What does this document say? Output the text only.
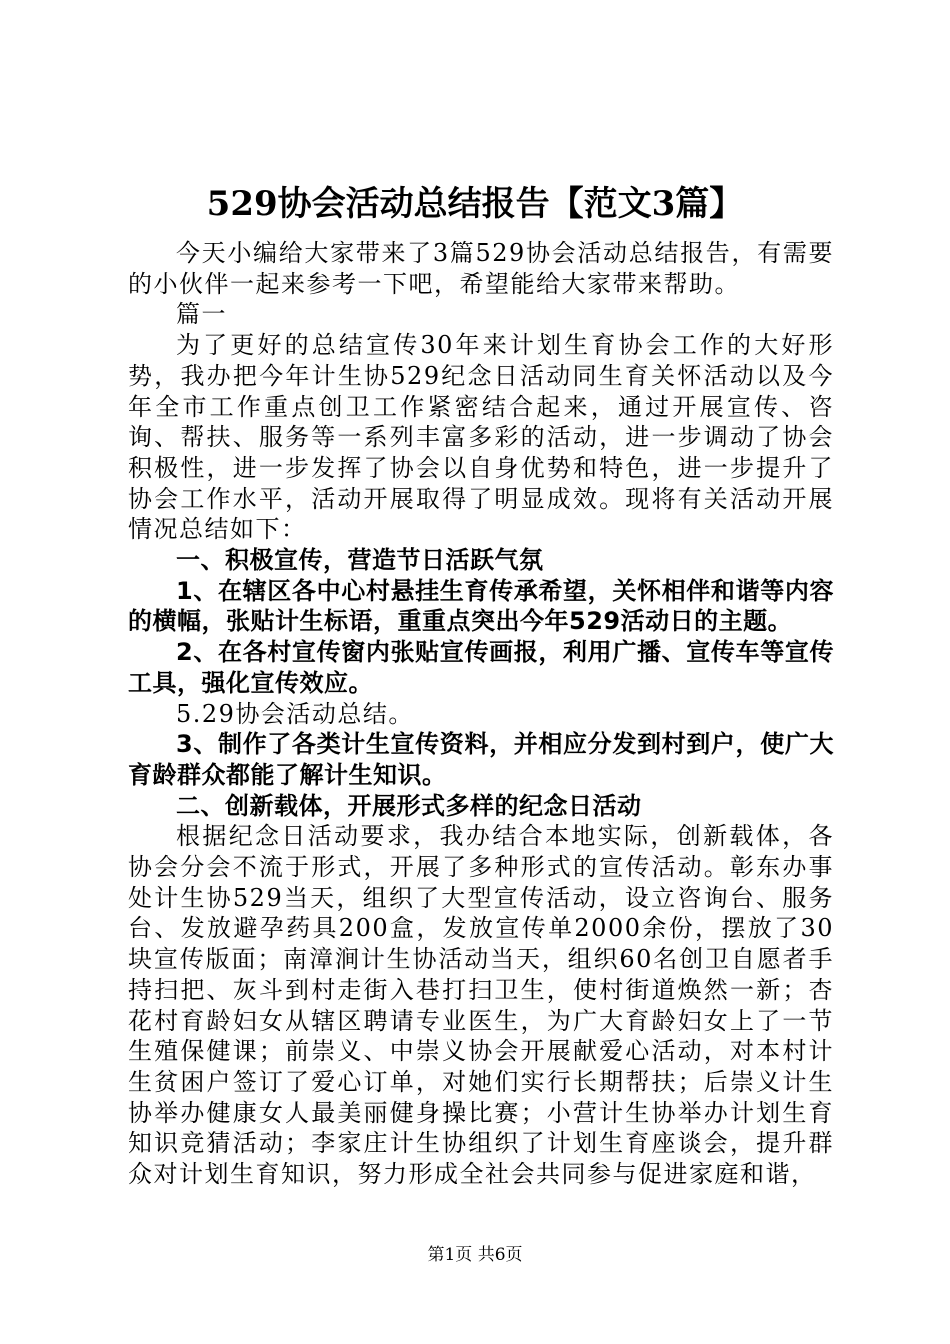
529协会活动总结报告【范文3篇】

今天小编给大家带来了3篇529协会活动总结报告，有需要的小伙伴一起来参考一下吧，希望能给大家带来帮助。

篇一

为了更好的总结宣传30年来计划生育协会工作的大好形势，我办把今年计生协529纪念日活动同生育关怀活动以及今年全市工作重点创卫工作紧密结合起来，通过开展宣传、咨询、帮扶、服务等一系列丰富多彩的活动，进一步调动了协会积极性，进一步发挥了协会以自身优势和特色，进一步提升了协会工作水平，活动开展取得了明显成效。现将有关活动开展情况总结如下：

一、积极宣传，营造节日活跃气氛

1、在辖区各中心村悬挂生育传承希望，关怀相伴和谐等内容的横幅，张贴计生标语，重重点突出今年529活动日的主题。

2、在各村宣传窗内张贴宣传画报，利用广播、宣传车等宣传工具，强化宣传效应。

5.29协会活动总结。

3、制作了各类计生宣传资料，并相应分发到村到户，使广大育龄群众都能了解计生知识。

二、创新载体，开展形式多样的纪念日活动

根据纪念日活动要求，我办结合本地实际，创新载体，各协会分会不流于形式，开展了多种形式的宣传活动。彰东办事处计生协529当天，组织了大型宣传活动，设立咨询台、服务台、发放避孕药具200盒，发放宣传单2000余份，摆放了30块宣传版面；南漳涧计生协活动当天，组织60名创卫自愿者手持扫把、灰斗到村走街入巷打扫卫生，使村街道焕然一新；杏花村育龄妇女从辖区聘请专业医生，为广大育龄妇女上了一节生殖保健课；前崇义、中崇义协会开展献爱心活动，对本村计生贫困户签订了爱心订单，对她们实行长期帮扶；后崇义计生协举办健康女人最美丽健身操比赛；小营计生协举办计划生育知识竞猜活动；李家庄计生协组织了计划生育座谈会，提升群众对计划生育知识，努力形成全社会共同参与促进家庭和谐，

第1页 共6页
